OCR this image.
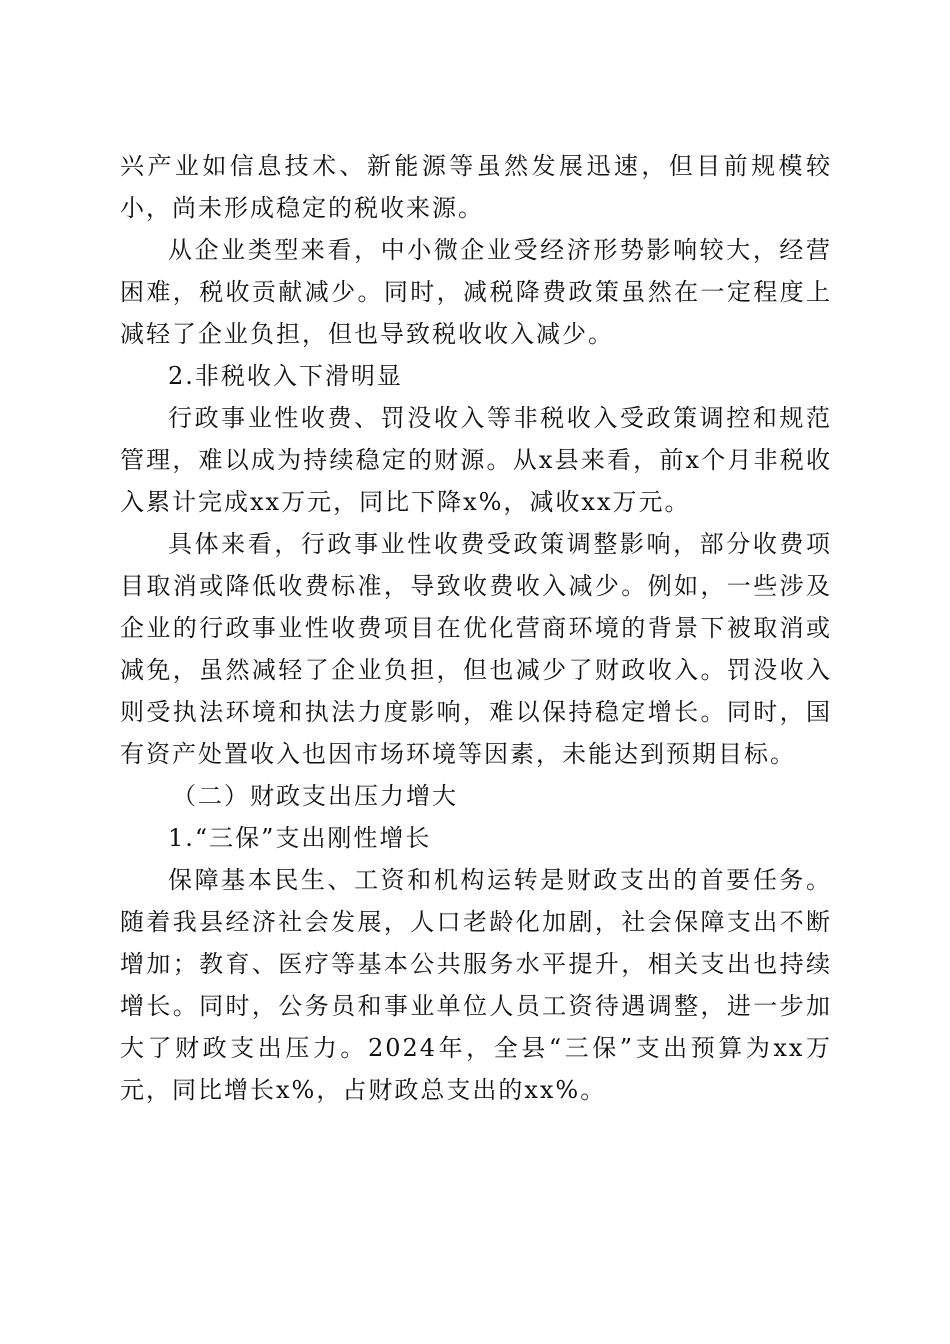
兴产业如信息技术、新能源等虽然发展迅速，但目前规模较小，尚未形成稳定的税收来源。

从企业类型来看，中小微企业受经济形势影响较大，经营困难，税收贡献减少。同时，减税降费政策虽然在一定程度上减轻了企业负担，但也导致税收收入减少。

2.非税收入下滑明显

行政事业性收费、罚没收入等非税收入受政策调控和规范管理，难以成为持续稳定的财源。从x县来看，前x个月非税收入累计完成xx万元，同比下降x%，减收xx万元。

具体来看，行政事业性收费受政策调整影响，部分收费项目取消或降低收费标准，导致收费收入减少。例如，一些涉及企业的行政事业性收费项目在优化营商环境的背景下被取消或减免，虽然减轻了企业负担，但也减少了财政收入。罚没收入则受执法环境和执法力度影响，难以保持稳定增长。同时，国有资产处置收入也因市场环境等因素，未能达到预期目标。

（二）财政支出压力增大

1.“三保”支出刚性增长

保障基本民生、工资和机构运转是财政支出的首要任务。随着我县经济社会发展，人口老龄化加剧，社会保障支出不断增加；教育、医疗等基本公共服务水平提升，相关支出也持续增长。同时，公务员和事业单位人员工资待遇调整，进一步加大了财政支出压力。2024年，全县“三保”支出预算为xx万元，同比增长x%，占财政总支出的xx%。
